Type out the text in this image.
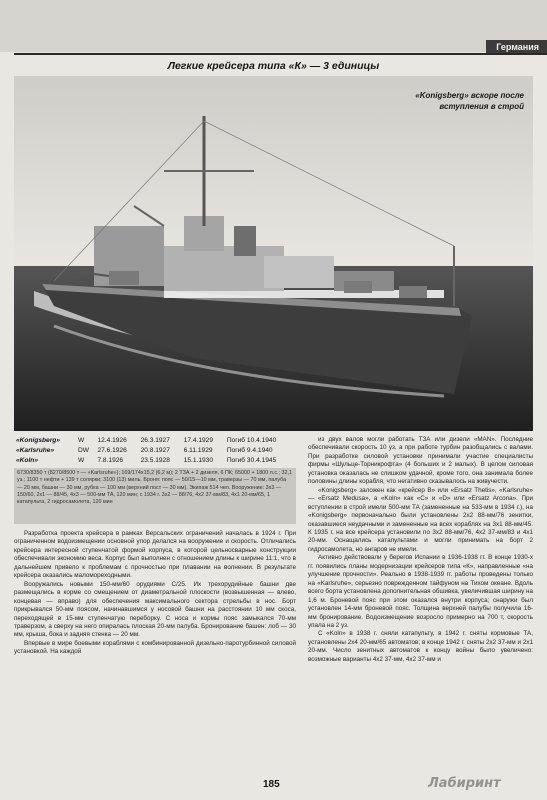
Германия
Легкие крейсера типа «К» — 3 единицы
«Konigsberg» вскоре после вступления в строй
«Konigsberg»	W	12.4.1926	26.3.1927	17.4.1929	Погиб 10.4.1940
«Karlsruhe»	DW	27.6.1926	20.8.1927	6.11.1929	Погиб 9.4.1940
«Koln»	W	7.8.1926	23.5.1928	15.1.1930	Погиб 30.4.1945
6730/8350 т (8270/8500 т — «Karlsruhe»); 169/174х15,2 (6,2 м); 2 ТЗА + 2 дизеля, 6 ПК; 65000 + 1800 л.с.; 32,1 уз.; 1100 т нефти + 139 т солярки; 3100 (13) миль. Броня: пояс — 50/15—10 мм, траверзы — 70 мм, палуба — 20 мм, башни — 30 мм, рубка — 100 мм (верхний пост — 30 мм). Экипаж 514 чел. Вооружение: 3х3 — 150/60, 2х1 — 88/45, 4х3 — 500-мм ТА, 120 мин; с 1934 г. 3х2 — 88/76, 4х2 37-мм/83, 4х1 20-мм/65, 1 катапульта, 2 гидросамолета, 120 мин

Разработка проекта крейсера в рамках Версальских ограничений началась в 1924 г. При ограниченном водоизмещении основной упор делался на вооружение и скорость. Отличались крейсера интересной ступенчатой формой корпуса, в которой цельносварные конструкции обеспечивали экономию веса. Корпус был выполнен с отношением длины к ширине 11:1, что в дальнейшем привело к проблемам с прочностью при плавании на волнении. В результате крейсера оказались маломореходными.

Вооружались новыми 150-мм/60 орудиями C/25. Их трехорудийные башни две размещались в корме со смещением от диаметральной плоскости (возвышенная — влево, концевая — вправо) для обеспечения максимального сектора стрельбы в нос. Борт прикрывался 50-мм поясом, начинавшимся у носовой башни на расстоянии 10 мм скоса, переходящей в 15-мм ступенчатую переборку. С носа и кормы пояс замыкался 70-мм траверзом, а сверху на него опиралась плоская 20-мм палуба. Бронирование башен: лоб — 30 мм, крыша, бока и задняя стенка — 20 мм.

Впервые в мире боевыми кораблями с комбинированной дизельно-паротурбинной силовой установкой. На каждой

из двух валов могли работать ТЗА или дизели «MAN». Последние обеспечивали скорость 10 уз, а при работе турбин разобщались с валами. При разработке силовой установки принимали участие специалисты фирмы «Шульце-Торникрофта» (4 больших и 2 малых). В целом силовая установка оказалась не слишком удачной, кроме того, она занимала более половины длины корабля, что негативно сказывалось на живучести.

«Konigsberg» заложен как «крейсер B» или «Ersatz Thetis», «Karlsruhe» — «Ersatz Medusa», а «Koln» как «C» и «D» или «Ersatz Arcona». При вступлении в строй имели 500-мм ТА (замененные на 533-мм в 1934 г.), на «Konigsberg» первоначально были установлены 2х2 88-мм/76 зенитки, оказавшиеся неудачными и замененные на всех кораблях на 3х1 88-мм/45. К 1935 г. на все крейсера установили по 3х2 88-мм/76, 4х2 37-мм/83 и 4х1 20-мм. Оснащались катапультами и могли принимать на борт 2 гидросамолета, но ангаров не имели.

Активно действовали у берегов Испании в 1936-1938 гг. В конце 1930-х гг. появились планы модернизации крейсеров типа «К», направленные «на улучшение прочности». Реально в 1938-1939 гг. работы проведены только на «Karlsruhe», серьезно поврежденном тайфуном на Тихом океане. Вдоль всего борта установлена дополнительная обшивка, увеличившая ширину на 1,6 м. Броневой пояс при этом оказался внутри корпуса; снаружи был установлен 14-мм броневой пояс. Толщина верхней палубы получила 16-мм бронирование. Водоизмещение возросло примерно на 700 т, скорость упала на 2 уз.

С «Koln» в 1938 г. сняли катапульту, в 1942 г. сняты кормовые ТА, установлены 2х4 20-мм/65 автоматов; в конце 1942 г. сняты 2х2 37-мм и 2х1 20-мм. Число зенитных автоматов к концу войны было увеличено: возможные варианты 4х2 37-мм, 4х2 37-мм и

185	Лабиринт
